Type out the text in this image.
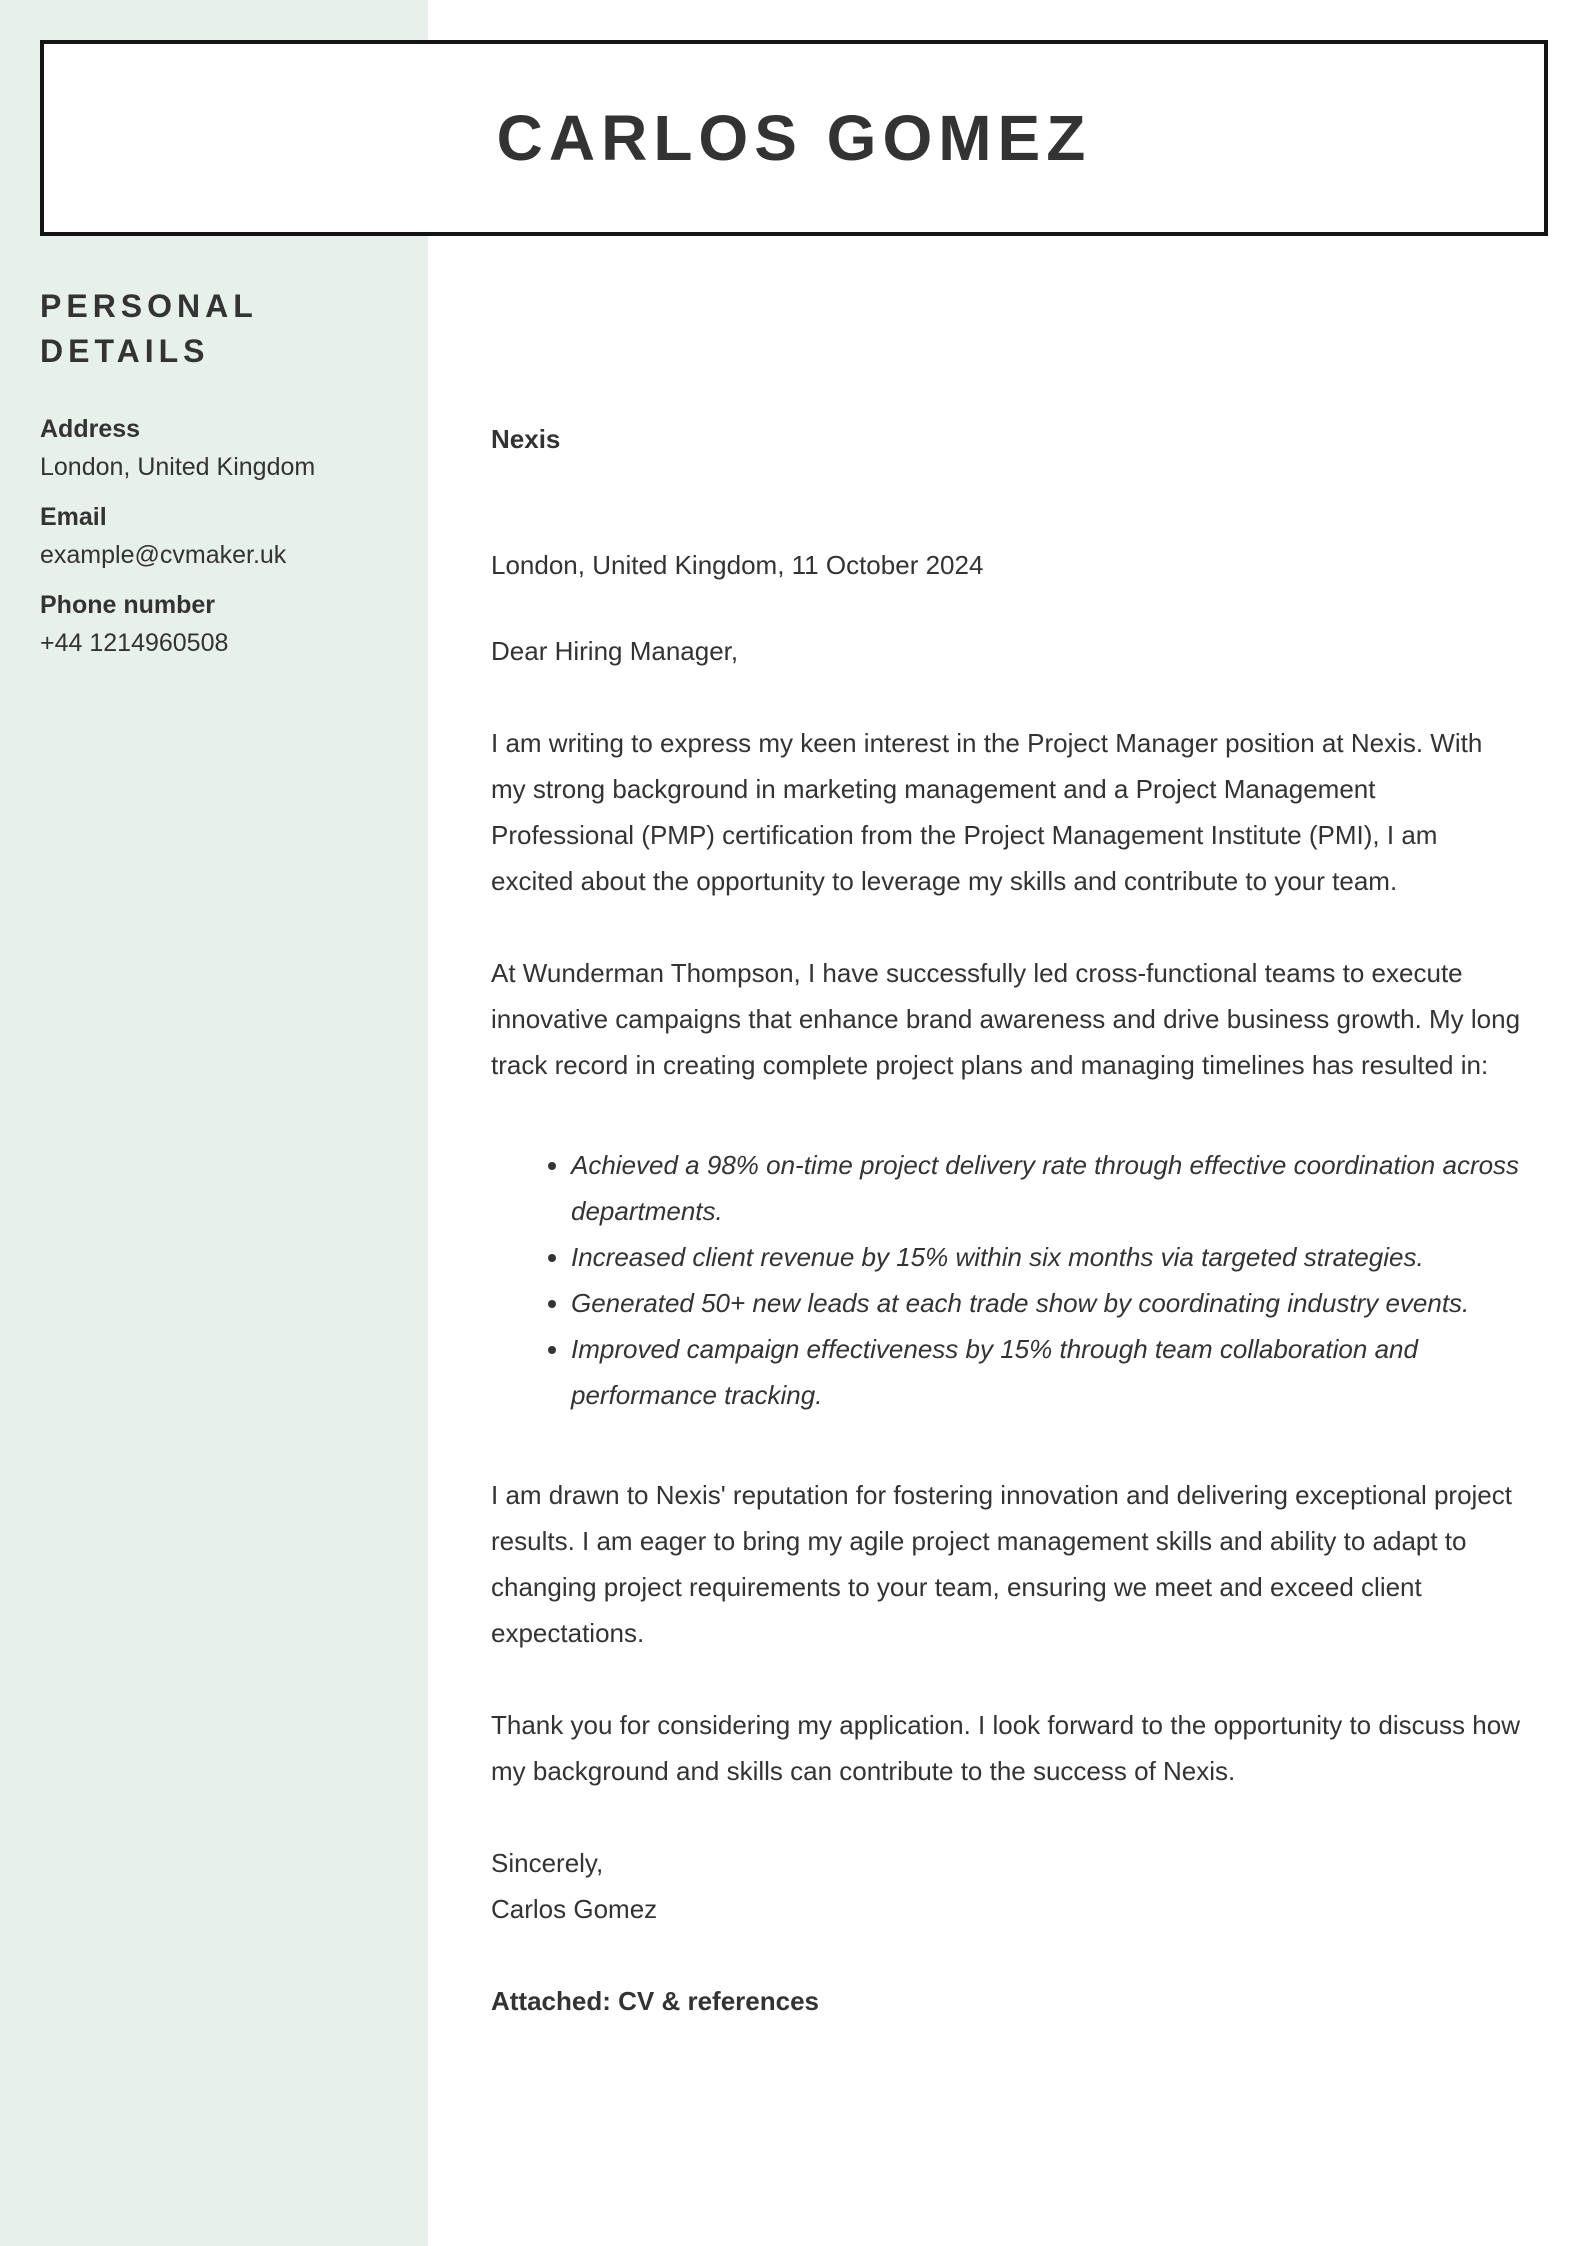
CARLOS GOMEZ
PERSONAL DETAILS
Address
London, United Kingdom
Email
example@cvmaker.uk
Phone number
+44 1214960508

Nexis

London, United Kingdom, 11 October 2024

Dear Hiring Manager,

I am writing to express my keen interest in the Project Manager position at Nexis. With my strong background in marketing management and a Project Management Professional (PMP) certification from the Project Management Institute (PMI), I am excited about the opportunity to leverage my skills and contribute to your team.

At Wunderman Thompson, I have successfully led cross-functional teams to execute innovative campaigns that enhance brand awareness and drive business growth. My long track record in creating complete project plans and managing timelines has resulted in:

• Achieved a 98% on-time project delivery rate through effective coordination across departments.
• Increased client revenue by 15% within six months via targeted strategies.
• Generated 50+ new leads at each trade show by coordinating industry events.
• Improved campaign effectiveness by 15% through team collaboration and performance tracking.

I am drawn to Nexis' reputation for fostering innovation and delivering exceptional project results. I am eager to bring my agile project management skills and ability to adapt to changing project requirements to your team, ensuring we meet and exceed client expectations.

Thank you for considering my application. I look forward to the opportunity to discuss how my background and skills can contribute to the success of Nexis.

Sincerely,

Carlos Gomez

Attached: CV & references
